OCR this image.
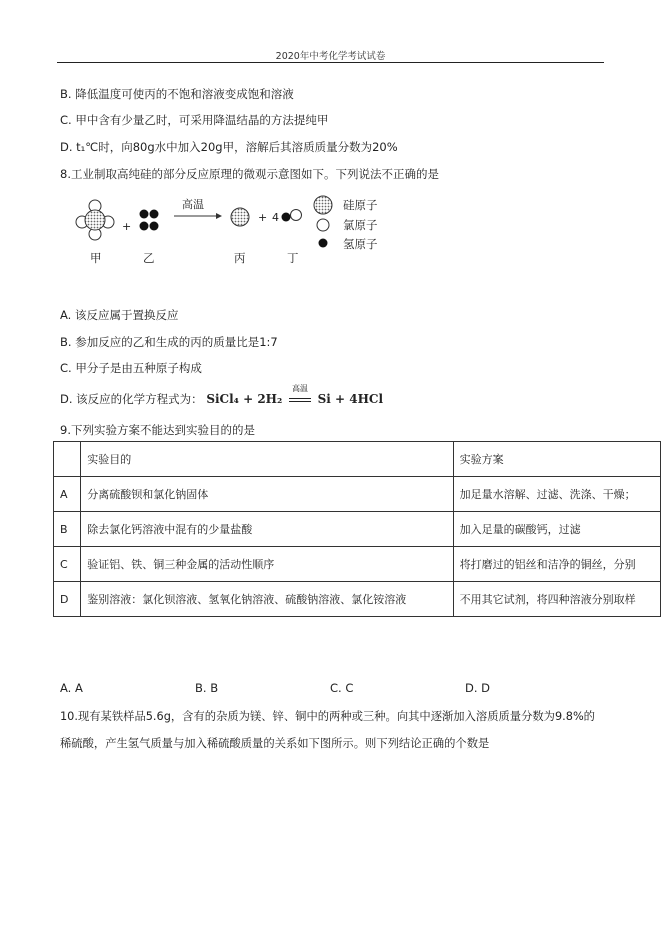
2020年中考化学考试试卷
B. 降低温度可使丙的不饱和溶液变成饱和溶液
C. 甲中含有少量乙时，可采用降温结晶的方法提纯甲
D. t₁℃时，向80g水中加入20g甲，溶解后其溶质质量分数为20%
8.工业制取高纯硅的部分反应原理的微观示意图如下。下列说法不正确的是
+
高温
+ 4
甲	乙	丙	丁
硅原子
氯原子
氢原子
A. 该反应属于置换反应
B. 参加反应的乙和生成的丙的质量比是1:7
C. 甲分子是由五种原子构成
D. 该反应的化学方程式为： SiCl₄ + 2H₂
高温
Si + 4HCl
9.下列实验方案不能达到实验目的的是
	实验目的	实验方案
A	分离硫酸钡和氯化钠固体	加足量水溶解、过滤、洗涤、干燥；
B	除去氯化钙溶液中混有的少量盐酸	加入足量的碳酸钙，过滤
C	验证铝、铁、铜三种金属的活动性顺序	将打磨过的铝丝和洁净的铜丝，分别
D	鉴别溶液：氯化钡溶液、氢氧化钠溶液、硫酸钠溶液、氯化铵溶液	不用其它试剂，将四种溶液分别取样
A. A	B. B	C. C	D. D
10.现有某铁样品5.6g，含有的杂质为镁、锌、铜中的两种或三种。向其中逐渐加入溶质质量分数为9.8%的
稀硫酸，产生氢气质量与加入稀硫酸质量的关系如下图所示。则下列结论正确的个数是
